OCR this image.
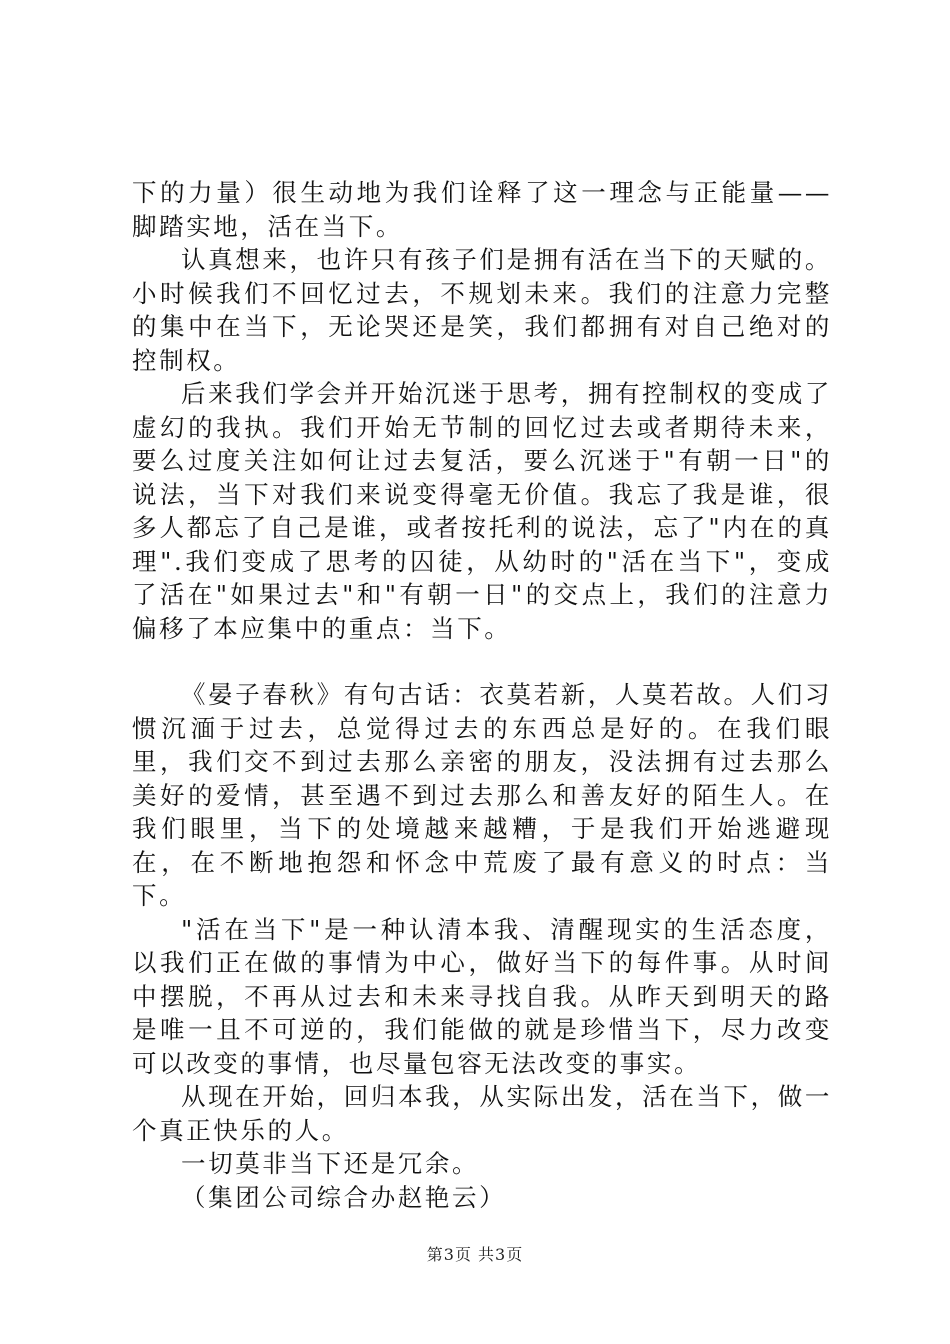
下的力量）很生动地为我们诠释了这一理念与正能量——脚踏实地，活在当下。

认真想来，也许只有孩子们是拥有活在当下的天赋的。小时候我们不回忆过去，不规划未来。我们的注意力完整的集中在当下，无论哭还是笑，我们都拥有对自己绝对的控制权。

后来我们学会并开始沉迷于思考，拥有控制权的变成了虚幻的我执。我们开始无节制的回忆过去或者期待未来，要么过度关注如何让过去复活，要么沉迷于"有朝一日"的说法，当下对我们来说变得毫无价值。我忘了我是谁，很多人都忘了自己是谁，或者按托利的说法，忘了"内在的真理".我们变成了思考的囚徒，从幼时的"活在当下"，变成了活在"如果过去"和"有朝一日"的交点上，我们的注意力偏移了本应集中的重点：当下。

《晏子春秋》有句古话：衣莫若新，人莫若故。人们习惯沉湎于过去，总觉得过去的东西总是好的。在我们眼里，我们交不到过去那么亲密的朋友，没法拥有过去那么美好的爱情，甚至遇不到过去那么和善友好的陌生人。在我们眼里，当下的处境越来越糟，于是我们开始逃避现在，在不断地抱怨和怀念中荒废了最有意义的时点：当下。

"活在当下"是一种认清本我、清醒现实的生活态度，以我们正在做的事情为中心，做好当下的每件事。从时间中摆脱，不再从过去和未来寻找自我。从昨天到明天的路是唯一且不可逆的，我们能做的就是珍惜当下，尽力改变可以改变的事情，也尽量包容无法改变的事实。

从现在开始，回归本我，从实际出发，活在当下，做一个真正快乐的人。

一切莫非当下还是冗余。

（集团公司综合办赵艳云）

第3页 共3页
